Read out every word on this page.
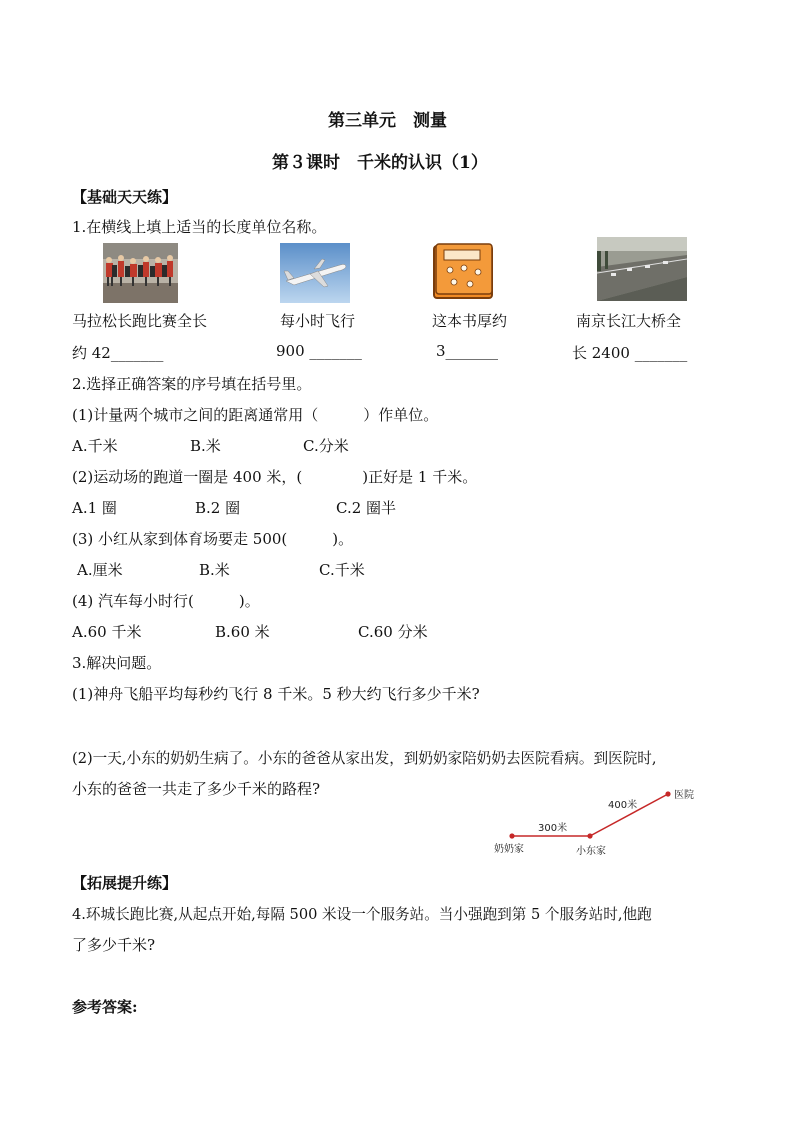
第三单元　测量
第３课时　千米的认识（1）
【基础天天练】
1.在横线上填上适当的长度单位名称。
马拉松长跑比赛全长	每小时飞行	这本书厚约	南京长江大桥全
约 42_______	900 _______	3_______	长 2400 _______
2.选择正确答案的序号填在括号里。
(1)计量两个城市之间的距离通常用（　　　）作单位。
A.千米	B.米	C.分米
(2)运动场的跑道一圈是 400 米，(　　　　)正好是 1 千米。
A.1 圈	B.2 圈	C.2 圈半
(3) 小红从家到体育场要走 500(　　　)。
A.厘米	B.米	C.千米
(4) 汽车每小时行(　　　)。
A.60 千米	B.60 米	C.60 分米
3.解决问题。
(1)神舟飞船平均每秒约飞行 8 千米。5 秒大约飞行多少千米?
(2)一天,小东的奶奶生病了。小东的爸爸从家出发，到奶奶家陪奶奶去医院看病。到医院时,
小东的爸爸一共走了多少千米的路程?
300米
400米
奶奶家	小东家
医院
【拓展提升练】
4.环城长跑比赛,从起点开始,每隔 500 米设一个服务站。当小强跑到第 5 个服务站时,他跑
了多少千米?
参考答案:
